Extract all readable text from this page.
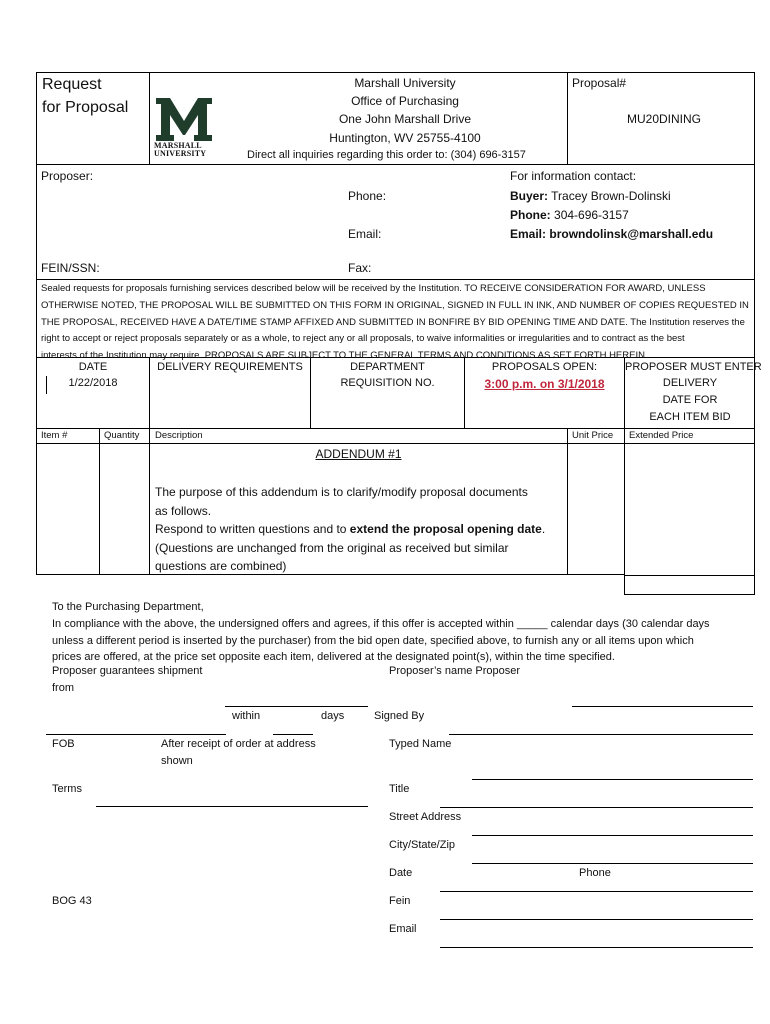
Request
for Proposal
MARSHALL
UNIVERSITY
Marshall University
Office of Purchasing
One John Marshall Drive
Huntington, WV 25755-4100
Direct all inquiries regarding this order to: (304) 696-3157
Proposal#
MU20DINING
Proposer:
Phone:
Email:
FEIN/SSN:	Fax:
For information contact:
Buyer: Tracey Brown-Dolinski
Phone: 304-696-3157
Email: browndolinsk@marshall.edu
Sealed requests for proposals furnishing services described below will be received by the Institution. TO RECEIVE CONSIDERATION FOR AWARD, UNLESS
OTHERWISE NOTED, THE PROPOSAL WILL BE SUBMITTED ON THIS FORM IN ORIGINAL, SIGNED IN FULL IN INK, AND NUMBER OF COPIES REQUESTED IN
THE PROPOSAL, RECEIVED HAVE A DATE/TIME STAMP AFFIXED AND SUBMITTED IN BONFIRE BY BID OPENING TIME AND DATE. The Institution reserves the
right to accept or reject proposals separately or as a whole, to reject any or all proposals, to waive informalities or irregularities and to contract as the best
interests of the Institution may require. PROPOSALS ARE SUBJECT TO THE GENERAL TERMS AND CONDITIONS AS SET FORTH HEREIN.
DATE
1/22/2018
DELIVERY REQUIREMENTS	DEPARTMENT
REQUISITION NO.
PROPOSALS OPEN:
3:00 p.m. on 3/1/2018
PROPOSER MUST ENTER
DELIVERY
DATE FOR
EACH ITEM BID
Item #	Quantity Description	Unit Price Extended Price
ADDENDUM #1
The purpose of this addendum is to clarify/modify proposal documents
as follows.
Respond to written questions and to extend the proposal opening date.
(Questions are unchanged from the original as received but similar
questions are combined)
To the Purchasing Department,
In compliance with the above, the undersigned offers and agrees, if this offer is accepted within _____ calendar days (30 calendar days
unless a different period is inserted by the purchaser) from the bid open date, specified above, to furnish any or all items upon which
prices are offered, at the price set opposite each item, delivered at the designated point(s), within the time specified.
Proposer guarantees shipment
from
within	days
FOB	After receipt of order at address
shown
Terms
BOG 43
Proposer’s name Proposer
Signed By
Typed Name
Title
Street Address
City/State/Zip
Date	Phone
Fein
Email
